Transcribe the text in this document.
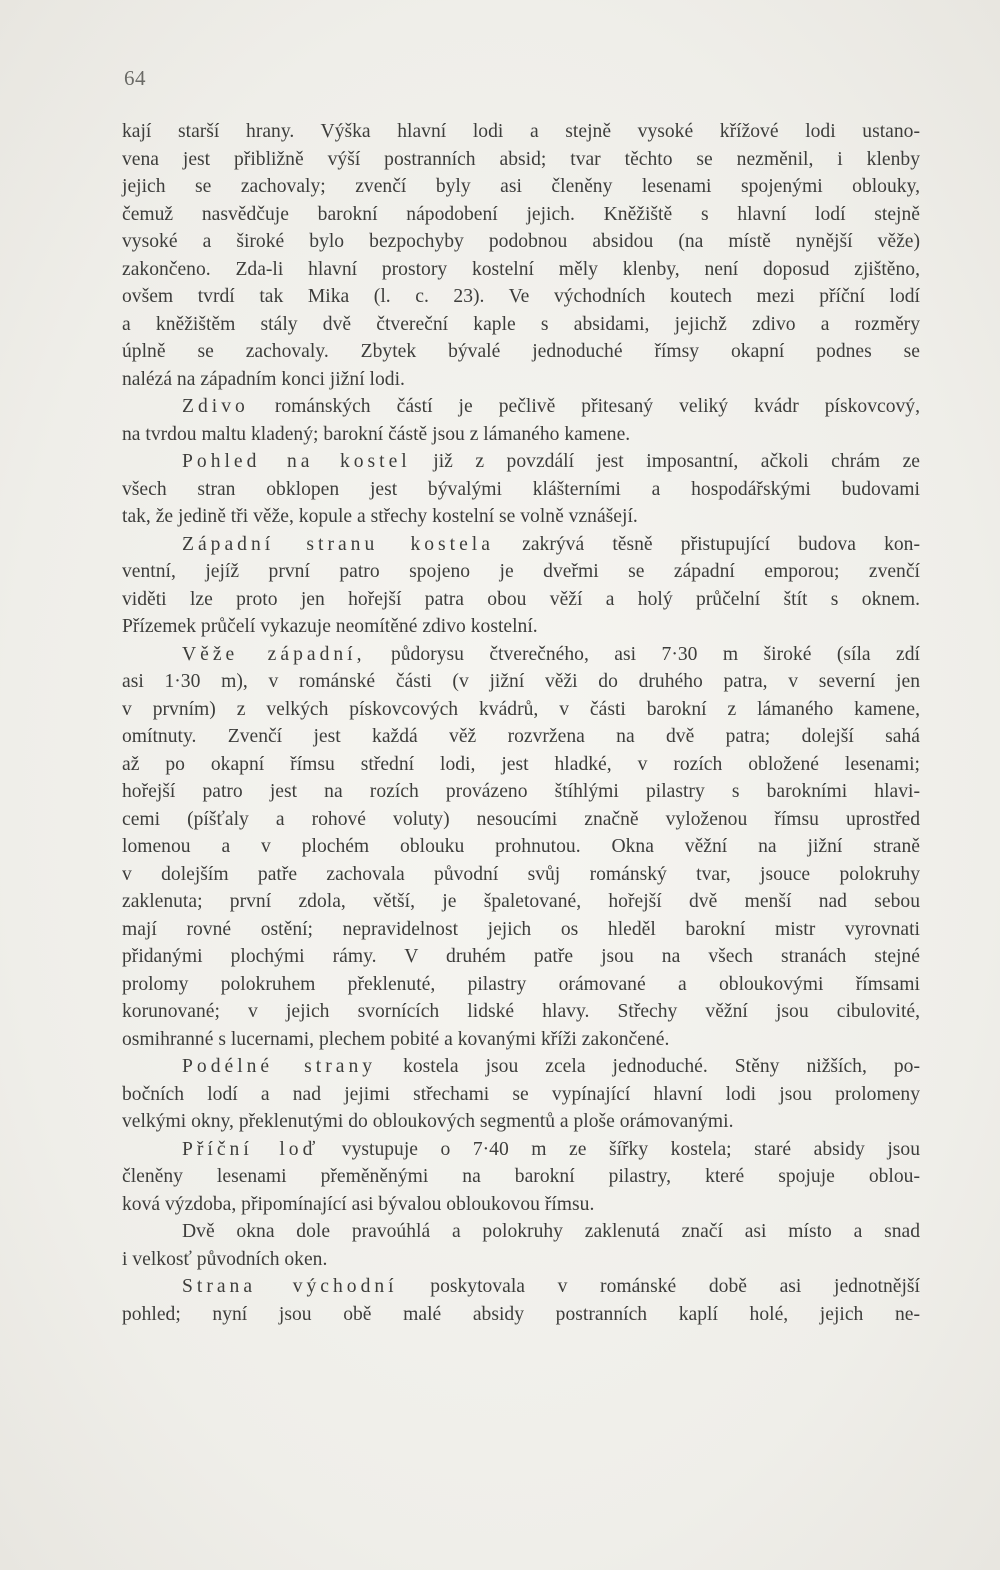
64
kají starší hrany. Výška hlavní lodi a stejně vysoké křížové lodi ustano-
vena jest přibližně výší postranních absid; tvar těchto se nezměnil, i klenby
jejich se zachovaly; zvenčí byly asi členěny lesenami spojenými oblouky,
čemuž nasvědčuje barokní nápodobení jejich. Kněžiště s hlavní lodí stejně
vysoké a široké bylo bezpochyby podobnou absidou (na místě nynější věže)
zakončeno. Zda-li hlavní prostory kostelní měly klenby, není doposud zjištěno,
ovšem tvrdí tak Mika (l. c. 23). Ve východních koutech mezi příční lodí
a kněžištěm stály dvě čtvereční kaple s absidami, jejichž zdivo a rozměry
úplně se zachovaly. Zbytek bývalé jednoduché římsy okapní podnes se
nalézá na západním konci jižní lodi.
Zdivo románských částí je pečlivě přitesaný veliký kvádr pískovcový,
na tvrdou maltu kladený; barokní částě jsou z lámaného kamene.
Pohled na kostel již z povzdálí jest imposantní, ačkoli chrám ze
všech stran obklopen jest bývalými klášterními a hospodářskými budovami
tak, že jedině tři věže, kopule a střechy kostelní se volně vznášejí.
Západní stranu kostela zakrývá těsně přistupující budova kon-
ventní, jejíž první patro spojeno je dveřmi se západní emporou; zvenčí
viděti lze proto jen hořejší patra obou věží a holý průčelní štít s oknem.
Přízemek průčelí vykazuje neomítěné zdivo kostelní.
Věže západní, půdorysu čtverečného, asi 7·30 m široké (síla zdí
asi 1·30 m), v románské části (v jižní věži do druhého patra, v severní jen
v prvním) z velkých pískovcových kvádrů, v části barokní z lámaného kamene,
omítnuty. Zvenčí jest každá věž rozvržena na dvě patra; dolejší sahá
až po okapní římsu střední lodi, jest hladké, v rozích obložené lesenami;
hořejší patro jest na rozích provázeno štíhlými pilastry s barokními hlavi-
cemi (píšťaly a rohové voluty) nesoucími značně vyloženou římsu uprostřed
lomenou a v plochém oblouku prohnutou. Okna věžní na jižní straně
v dolejším patře zachovala původní svůj románský tvar, jsouce polokruhy
zaklenuta; první zdola, větší, je špaletované, hořejší dvě menší nad sebou
mají rovné ostění; nepravidelnost jejich os hleděl barokní mistr vyrovnati
přidanými plochými rámy. V druhém patře jsou na všech stranách stejné
prolomy polokruhem překlenuté, pilastry orámované a obloukovými římsami
korunované; v jejich svornících lidské hlavy. Střechy věžní jsou cibulovité,
osmihranné s lucernami, plechem pobité a kovanými kříži zakončené.
Podélné strany kostela jsou zcela jednoduché. Stěny nižších, po-
bočních lodí a nad jejimi střechami se vypínající hlavní lodi jsou prolomeny
velkými okny, překlenutými do obloukových segmentů a ploše orámovanými.
Příční loď vystupuje o 7·40 m ze šířky kostela; staré absidy jsou
členěny lesenami přeměněnými na barokní pilastry, které spojuje oblou-
ková výzdoba, připomínající asi bývalou obloukovou římsu.
Dvě okna dole pravoúhlá a polokruhy zaklenutá značí asi místo a snad
i velkosť původních oken.
Strana východní poskytovala v románské době asi jednotnější
pohled; nyní jsou obě malé absidy postranních kaplí holé, jejich ne-
